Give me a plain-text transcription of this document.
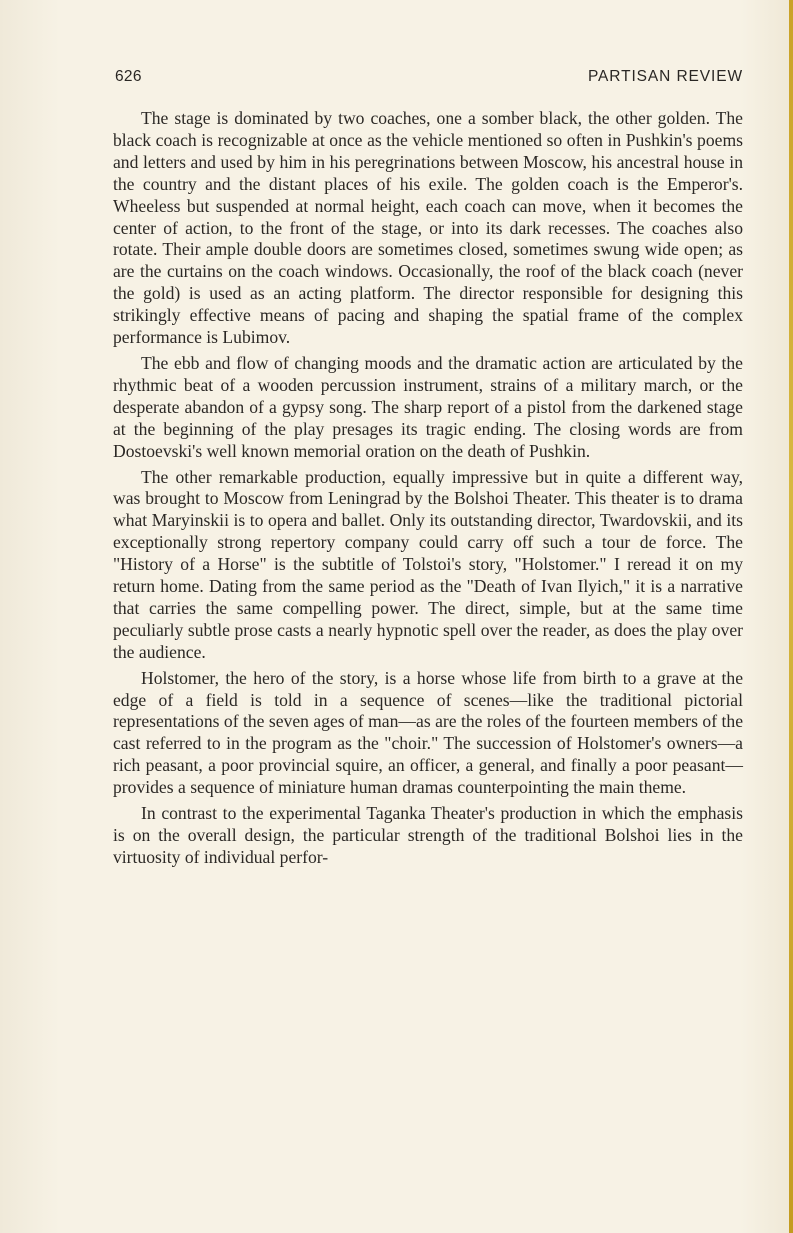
626	PARTISAN REVIEW

The stage is dominated by two coaches, one a somber black, the other golden. The black coach is recognizable at once as the vehicle mentioned so often in Pushkin's poems and letters and used by him in his peregrinations between Moscow, his ancestral house in the country and the distant places of his exile. The golden coach is the Emperor's. Wheeless but suspended at normal height, each coach can move, when it becomes the center of action, to the front of the stage, or into its dark recesses. The coaches also rotate. Their ample double doors are sometimes closed, sometimes swung wide open; as are the curtains on the coach windows. Occasionally, the roof of the black coach (never the gold) is used as an acting platform. The director responsible for designing this strikingly effective means of pacing and shaping the spatial frame of the complex performance is Lubimov.

The ebb and flow of changing moods and the dramatic action are articulated by the rhythmic beat of a wooden percussion instrument, strains of a military march, or the desperate abandon of a gypsy song. The sharp report of a pistol from the darkened stage at the beginning of the play presages its tragic ending. The closing words are from Dostoevski's well known memorial oration on the death of Pushkin.

The other remarkable production, equally impressive but in quite a different way, was brought to Moscow from Leningrad by the Bolshoi Theater. This theater is to drama what Maryinskii is to opera and ballet. Only its outstanding director, Twardovskii, and its exceptionally strong repertory company could carry off such a tour de force. The "History of a Horse" is the subtitle of Tolstoi's story, "Holstomer." I reread it on my return home. Dating from the same period as the "Death of Ivan Ilyich," it is a narrative that carries the same compelling power. The direct, simple, but at the same time peculiarly subtle prose casts a nearly hypnotic spell over the reader, as does the play over the audience.

Holstomer, the hero of the story, is a horse whose life from birth to a grave at the edge of a field is told in a sequence of scenes—like the traditional pictorial representations of the seven ages of man—as are the roles of the fourteen members of the cast referred to in the program as the "choir." The succession of Holstomer's owners—a rich peasant, a poor provincial squire, an officer, a general, and finally a poor peasant—provides a sequence of miniature human dramas counterpointing the main theme.

In contrast to the experimental Taganka Theater's production in which the emphasis is on the overall design, the particular strength of the traditional Bolshoi lies in the virtuosity of individual perfor-
